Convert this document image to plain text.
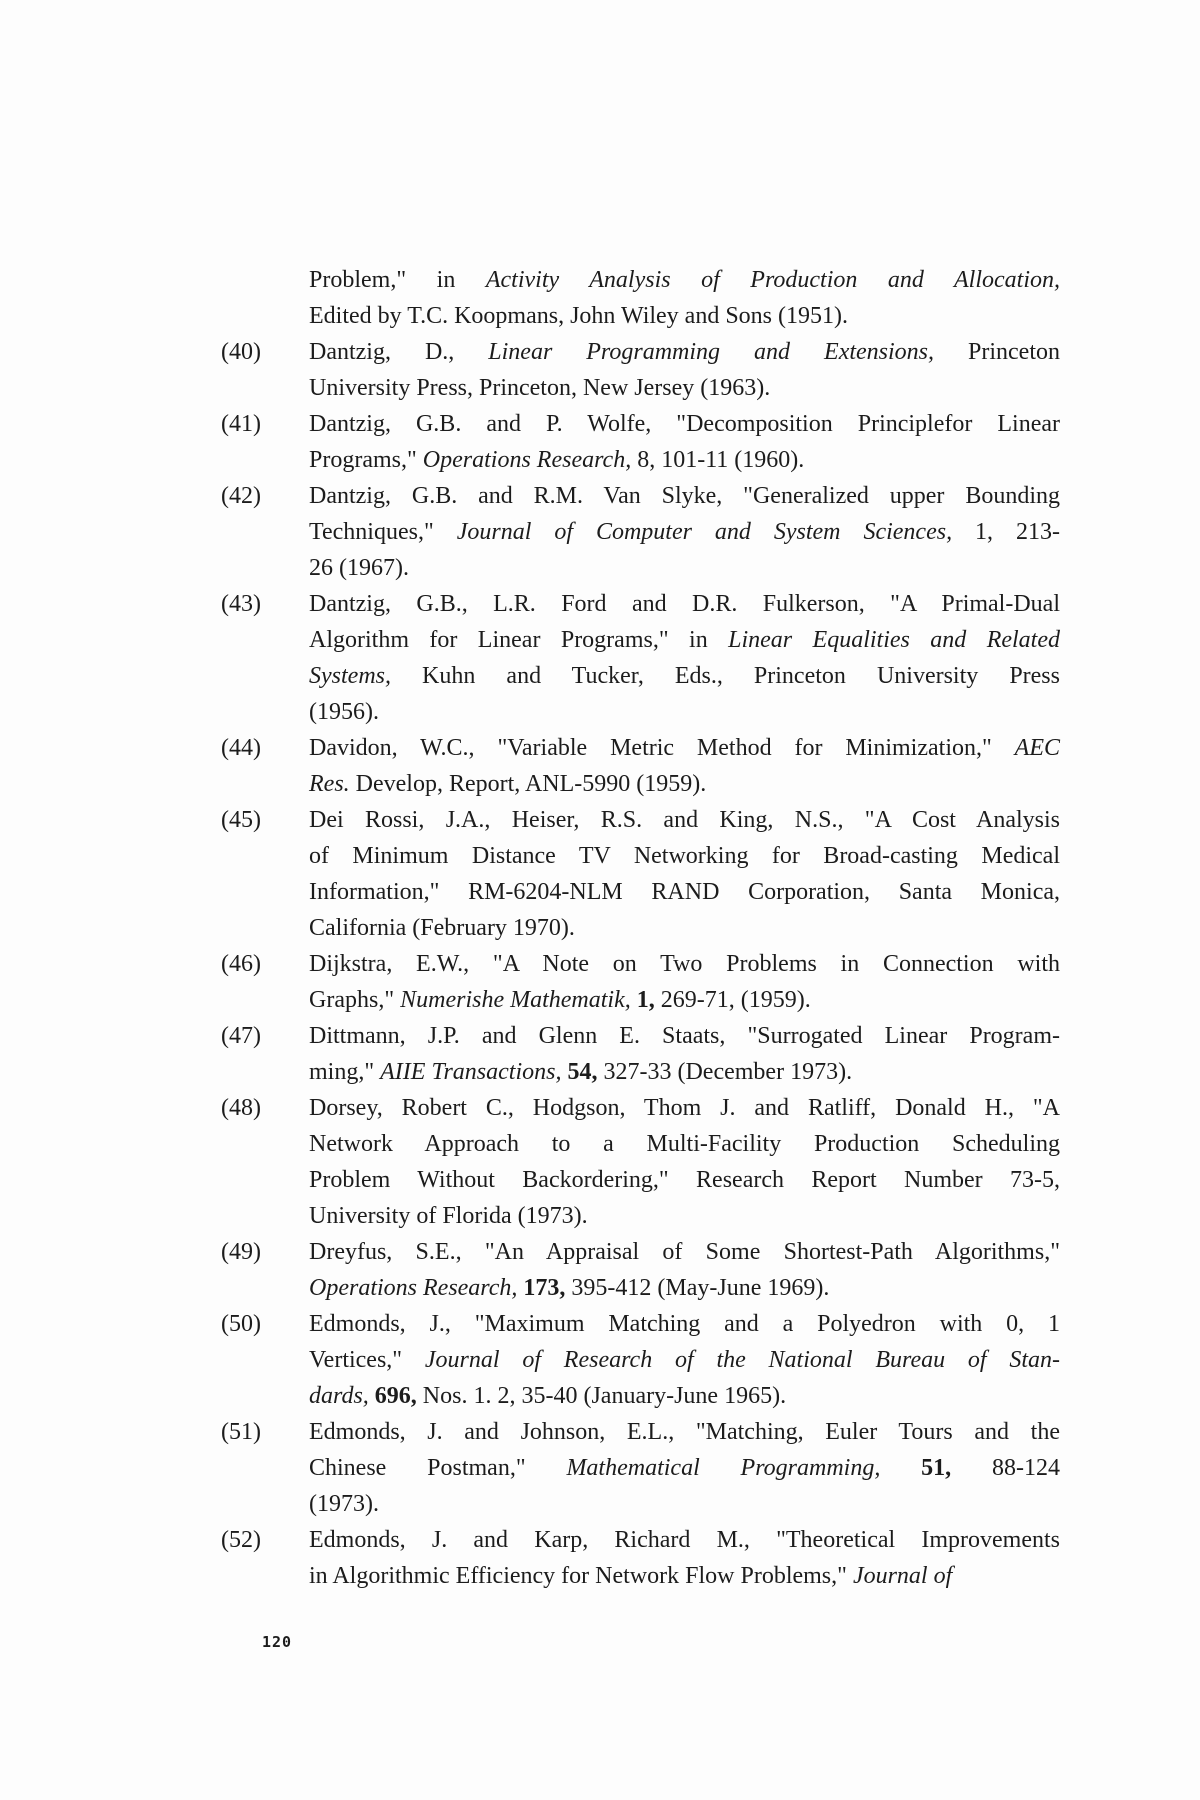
Problem," in Activity Analysis of Production and Allocation,
Edited by T.C. Koopmans, John Wiley and Sons (1951).
(40)	Dantzig, D., Linear Programming and Extensions, Princeton
University Press, Princeton, New Jersey (1963).
(41)	Dantzig, G.B. and P. Wolfe, "Decomposition Principlefor Linear
Programs," Operations Research, 8, 101-11 (1960).
(42)	Dantzig, G.B. and R.M. Van Slyke, "Generalized upper Bounding
Techniques," Journal of Computer and System Sciences, 1, 213-
26 (1967).
(43)	Dantzig, G.B., L.R. Ford and D.R. Fulkerson, "A Primal-Dual
Algorithm for Linear Programs," in Linear Equalities and Related
Systems, Kuhn and Tucker, Eds., Princeton University Press
(1956).
(44)	Davidon, W.C., "Variable Metric Method for Minimization," AEC
Res. Develop, Report, ANL-5990 (1959).
(45)	Dei Rossi, J.A., Heiser, R.S. and King, N.S., "A Cost Analysis
of Minimum Distance TV Networking for Broad-casting Medical
Information," RM-6204-NLM RAND Corporation, Santa Monica,
California (February 1970).
(46)	Dijkstra, E.W., "A Note on Two Problems in Connection with
Graphs," Numerishe Mathematik, 1, 269-71, (1959).
(47)	Dittmann, J.P. and Glenn E. Staats, "Surrogated Linear Program-
ming," AIIE Transactions, 54, 327-33 (December 1973).
(48)	Dorsey, Robert C., Hodgson, Thom J. and Ratliff, Donald H., "A
Network Approach to a Multi-Facility Production Scheduling
Problem Without Backordering," Research Report Number 73-5,
University of Florida (1973).
(49)	Dreyfus, S.E., "An Appraisal of Some Shortest-Path Algorithms,"
Operations Research, 173, 395-412 (May-June 1969).
(50)	Edmonds, J., "Maximum Matching and a Polyedron with 0, 1
Vertices," Journal of Research of the National Bureau of Stan-
dards, 696, Nos. 1. 2, 35-40 (January-June 1965).
(51)	Edmonds, J. and Johnson, E.L., "Matching, Euler Tours and the
Chinese Postman," Mathematical Programming, 51, 88-124
(1973).
(52)	Edmonds, J. and Karp, Richard M., "Theoretical Improvements
in Algorithmic Efficiency for Network Flow Problems," Journal of
120
